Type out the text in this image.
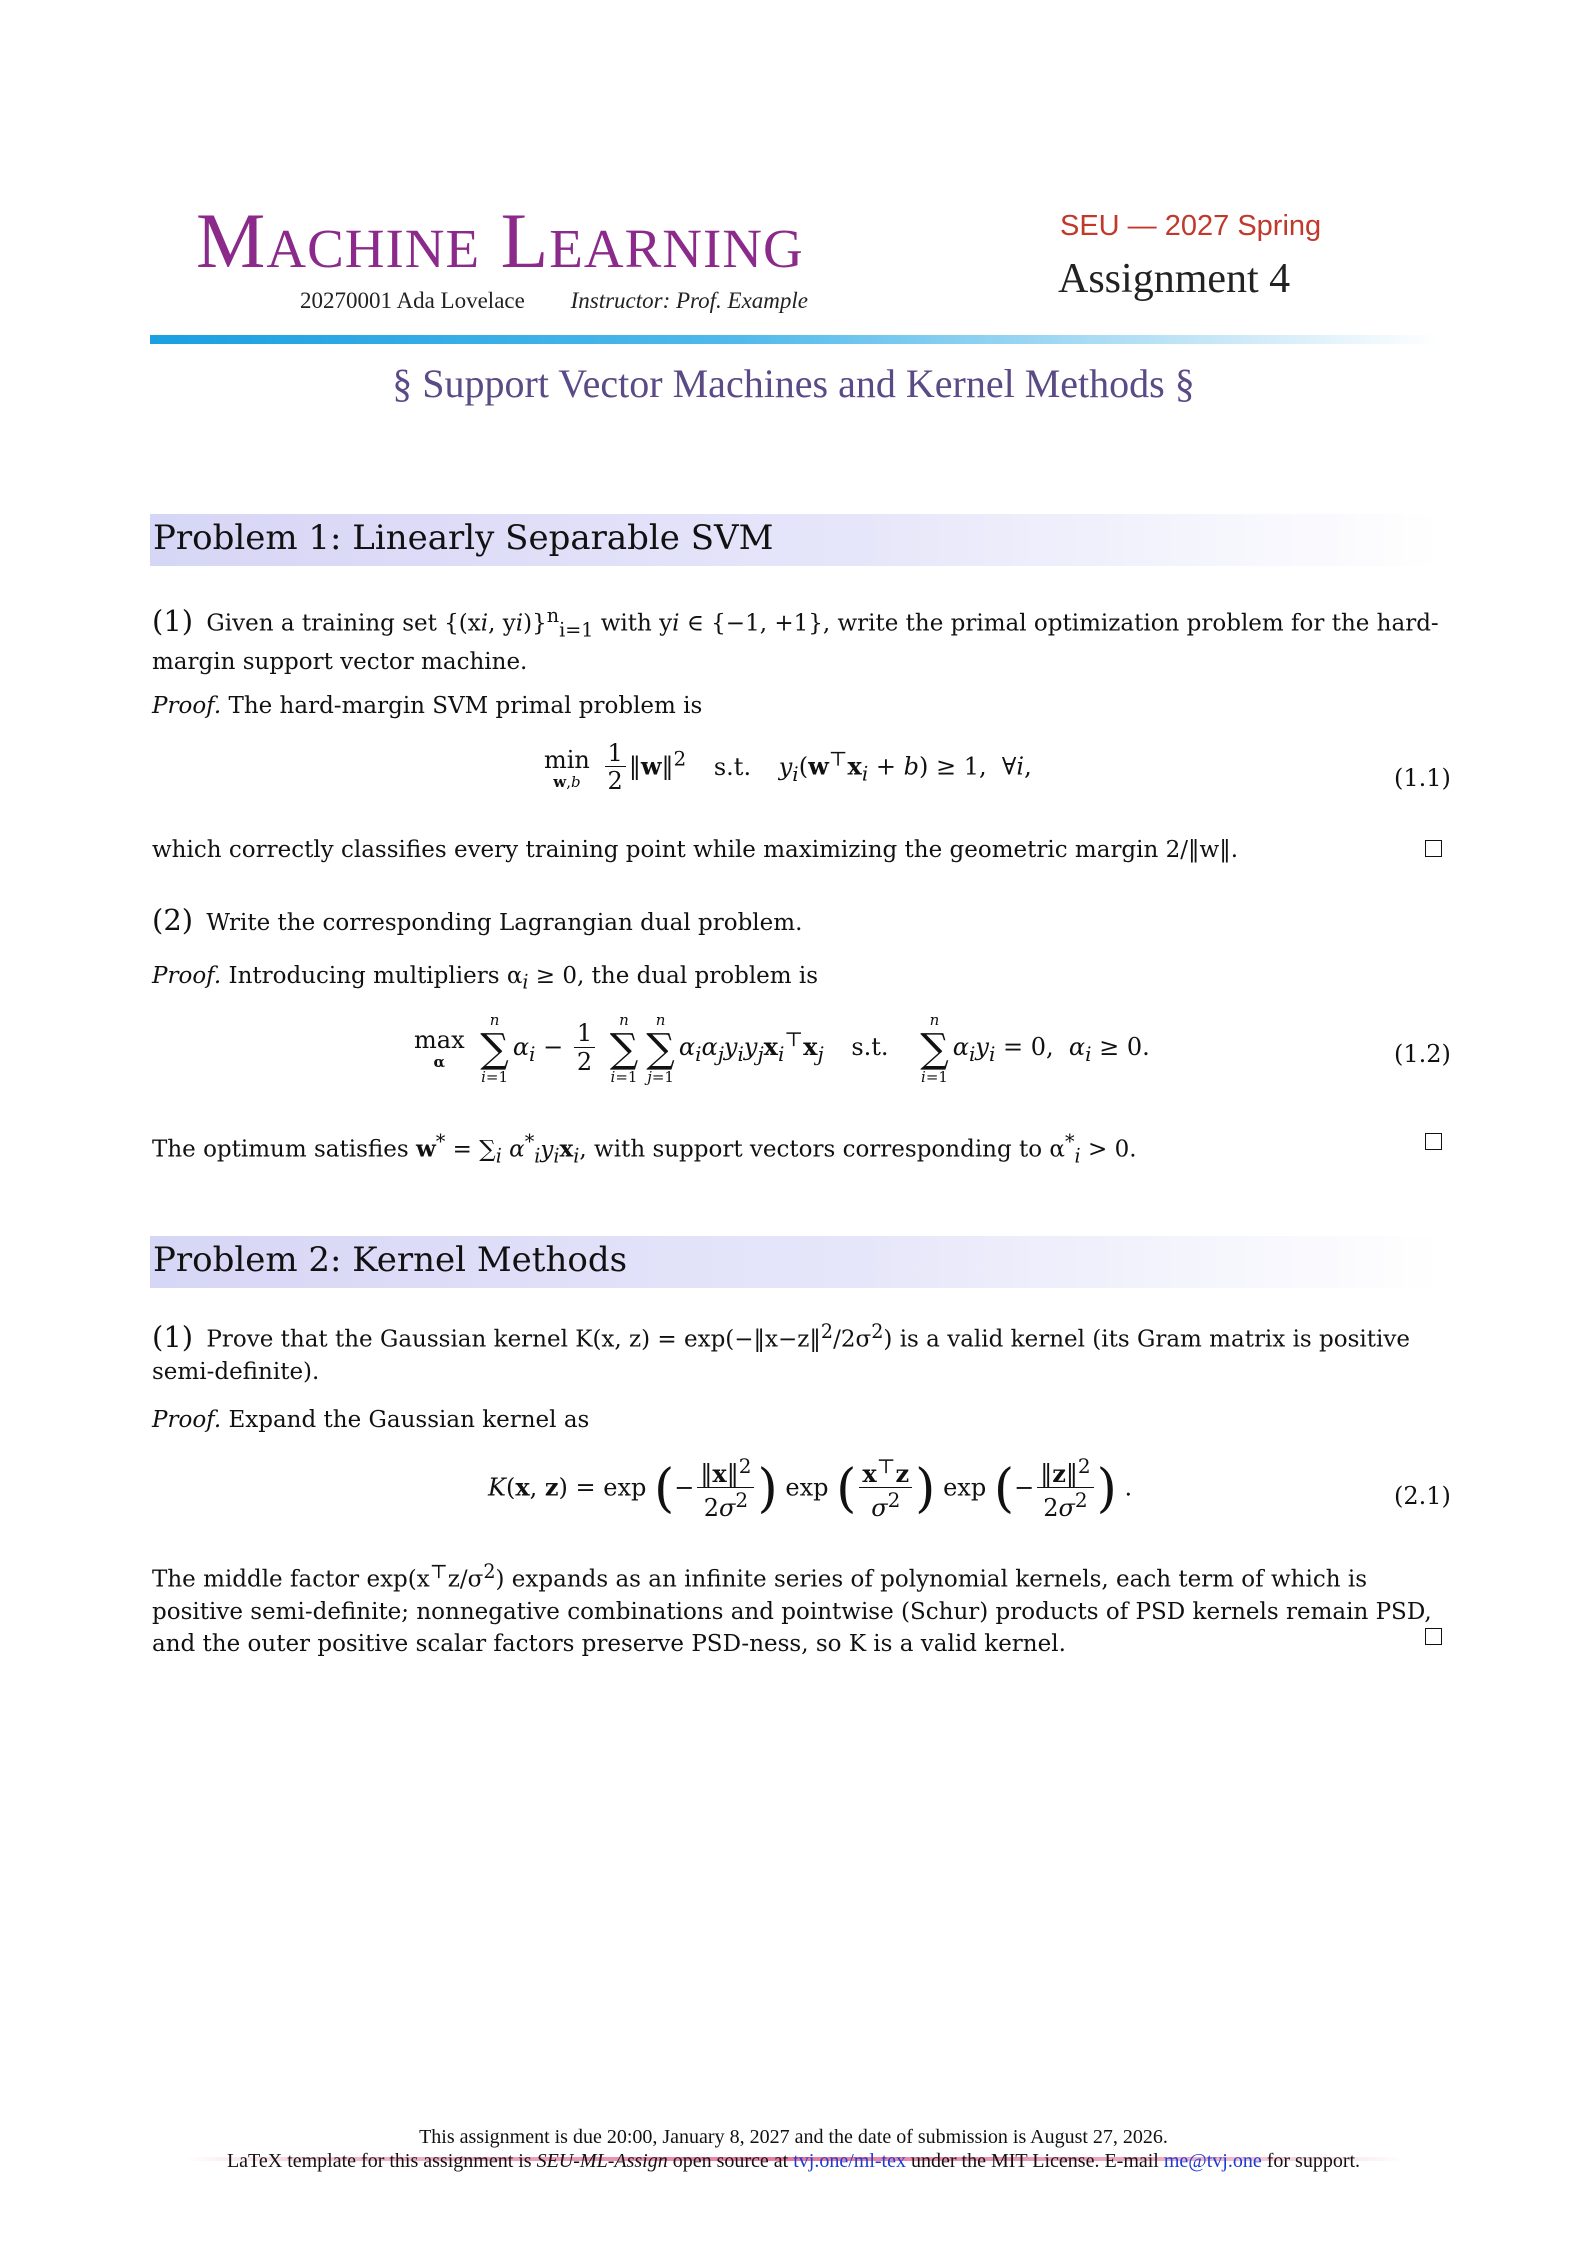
Machine Learning
20270001 Ada Lovelace Instructor: Prof. Example
SEU — 2027 Spring
Assignment 4
§ Support Vector Machines and Kernel Methods §
Problem 1: Linearly Separable SVM
(1) Given a training set {(xi, yi)}$^n_{i=1}$ with yi ∈ {−1, +1}, write the primal optimization problem for the hard-margin support vector machine.
Proof. The hard-margin SVM primal problem is
min
w,b
$\frac{1}{2}$ ‖w‖$^2$ s.t. $y_i(w^⊤x_i + b) \ge 1$,  ∀i,	(1.1)
which correctly classifies every training point while maximizing the geometric margin 2/‖w‖.
(2) Write the corresponding Lagrangian dual problem.
Proof. Introducing multipliers $\alpha_i \ge 0$, the dual problem is
max
α

n
∑
i=1
$\alpha_i - \frac{1}{2}$

n
∑
i=1
n
∑
j=1
$\alpha_i\alpha_jy_iy_jx_i^⊤x_j$ s.t.
n
∑
i=1
$\alpha_iy_i = 0$,  $\alpha_i \ge 0$.	(1.2)
The optimum satisfies $w^* = \sum_i$ $\alpha^*_iy_ix_i$, with support vectors corresponding to $\alpha^*_i > 0$.
Problem 2: Kernel Methods
(1) Prove that the Gaussian kernel K(x, $z) = \exp(-‖x-z‖^2/2\sigma^2)$ is a valid kernel (its Gram matrix is positive semi-definite).
Proof. Expand the Gaussian kernel as
K(x, z) = exp (− $\frac{‖x‖^2}{2\sigma^2}$ ) exp ( $\frac{x^⊤z}{\sigma^2}$ ) exp (− $\frac{‖z‖^2}{2\sigma^2}$ ) .	(2.1)
The middle factor $\exp(x^⊤z/\sigma^2)$ expands as an infinite series of polynomial kernels, each term of which is positive semi-definite; nonnegative combinations and pointwise (Schur) products of PSD kernels remain PSD, and the outer positive scalar factors preserve PSD-ness, so K is a valid kernel.
This assignment is due 20:00, January 8, 2027 and the date of submission is August 27, 2026.
LaTeX template for this assignment is SEU-ML-Assign open source at tvj.one/ml-tex under the MIT License. E-mail me@tvj.one for support.
